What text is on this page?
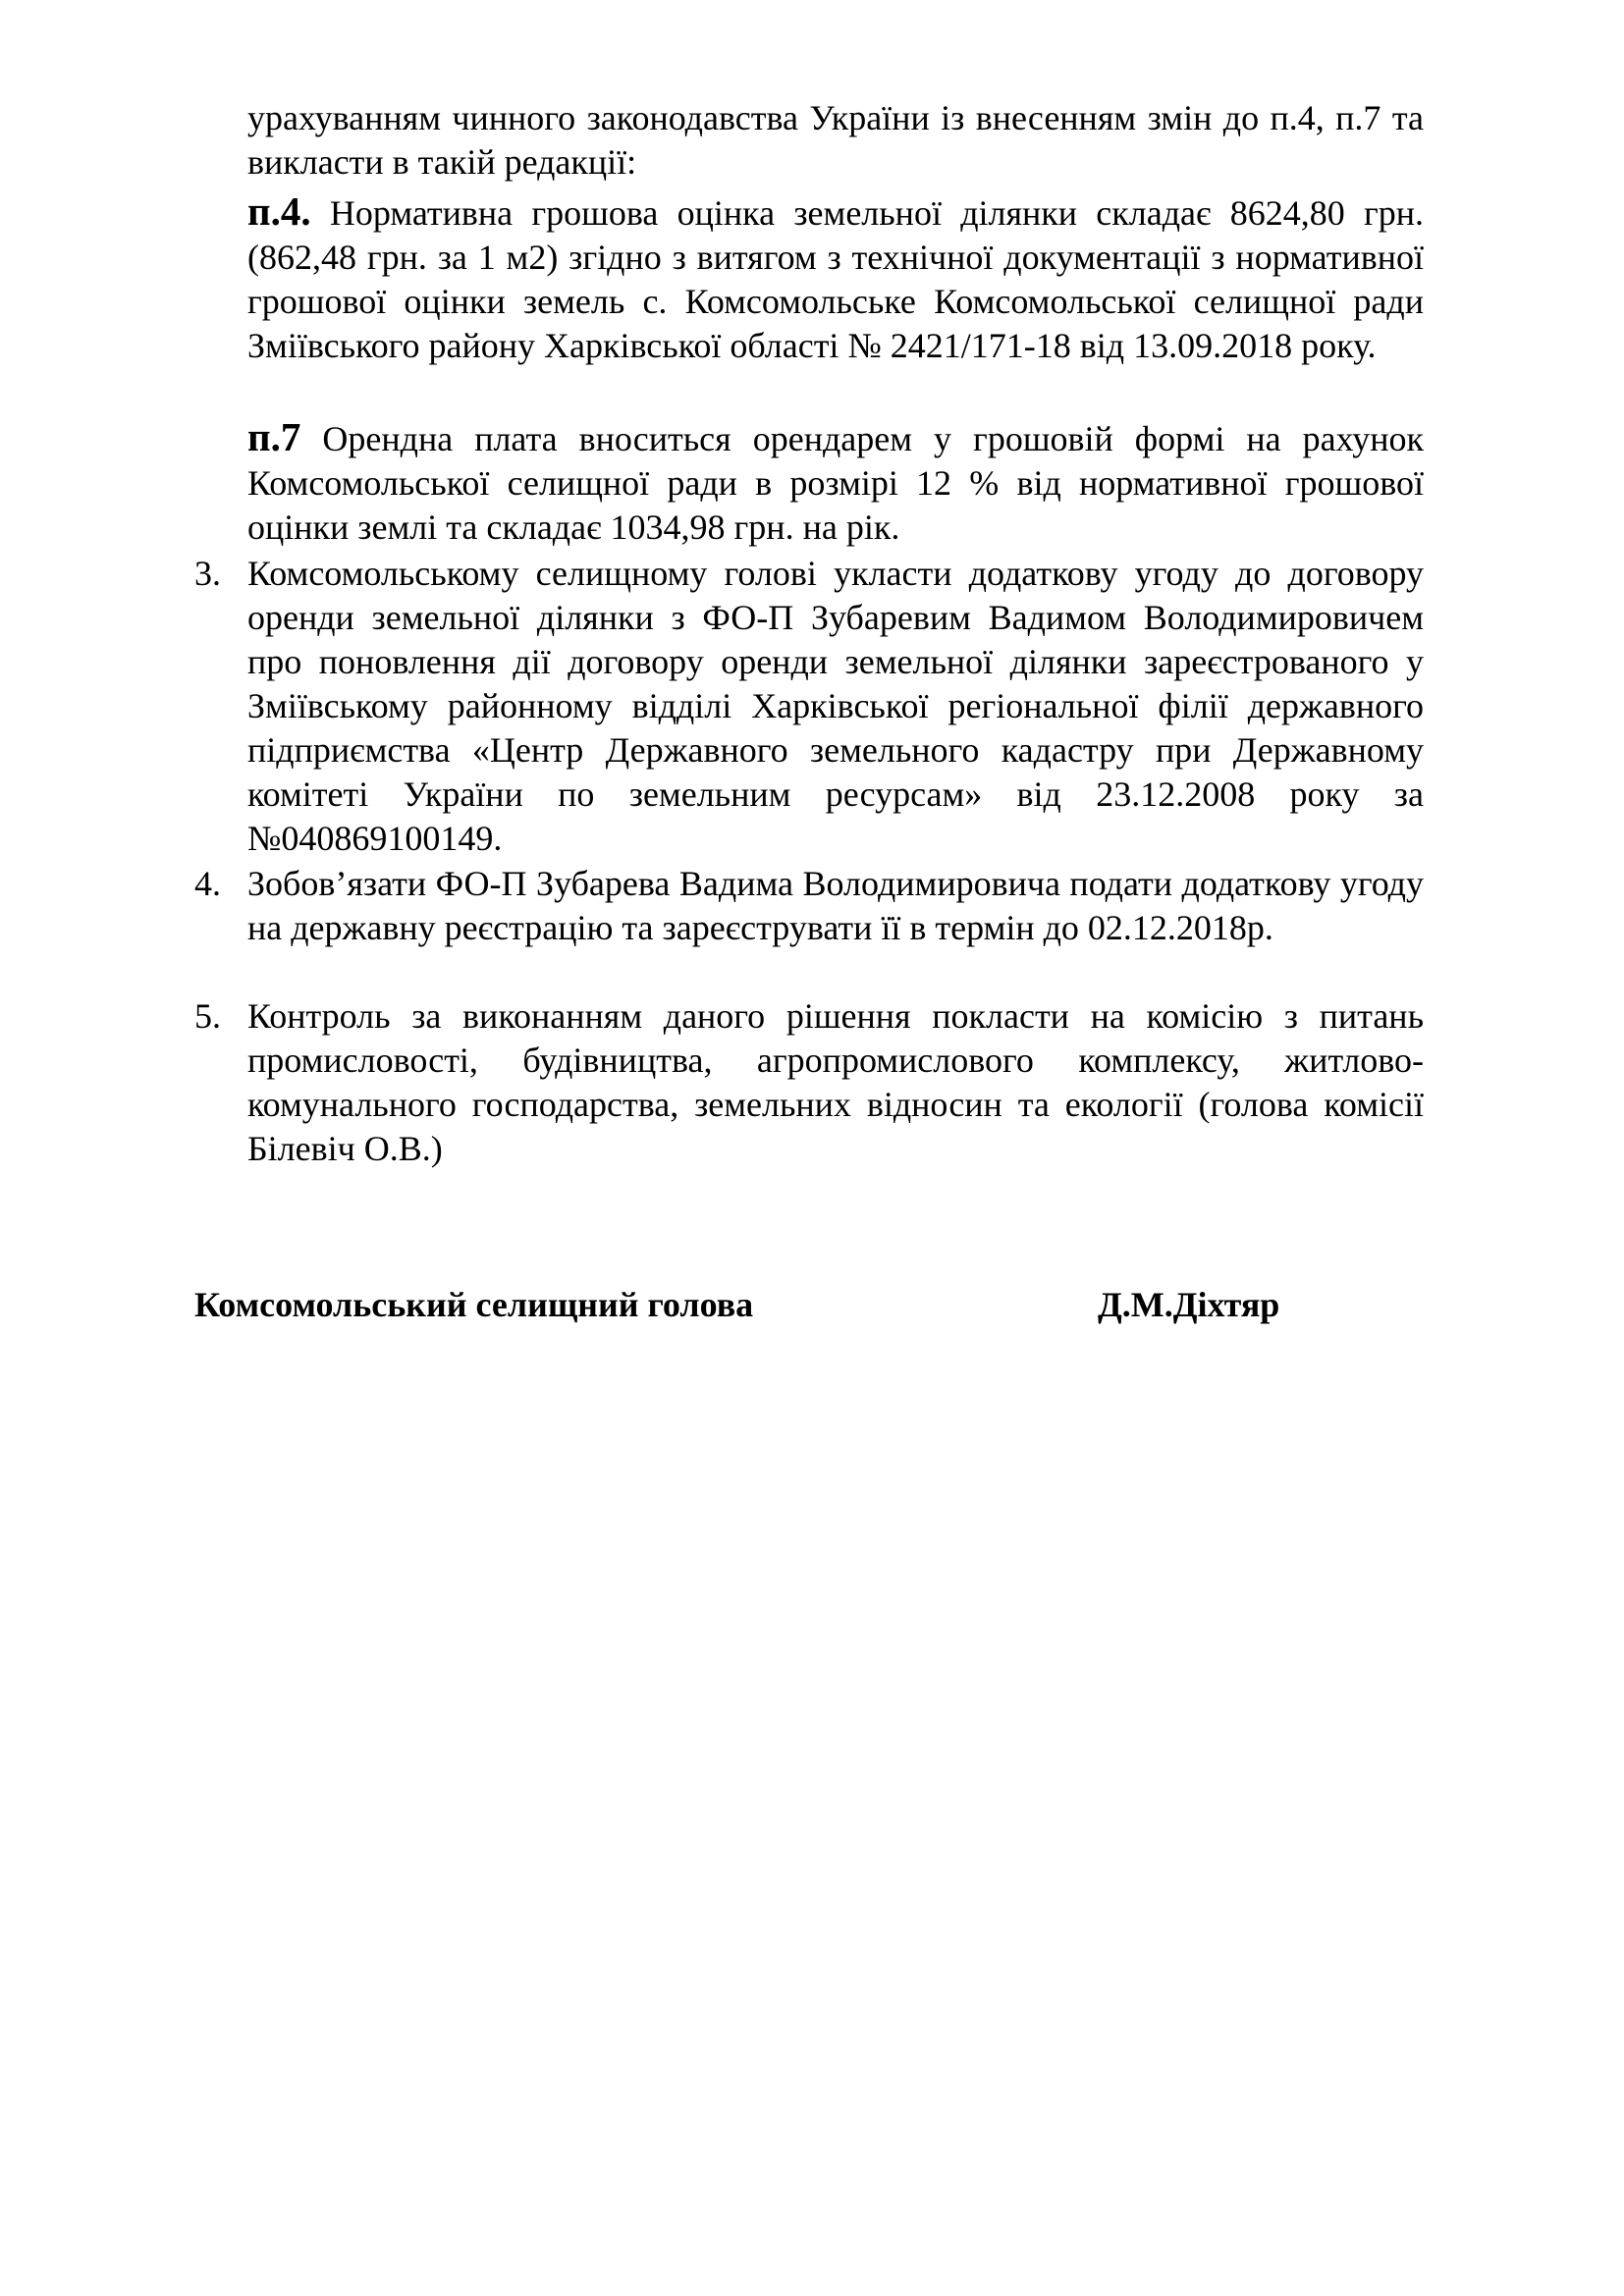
урахуванням чинного законодавства України із внесенням змін до п.4, п.7 та викласти в такій редакції:

п.4. Нормативна грошова оцінка земельної ділянки складає 8624,80 грн. (862,48 грн. за 1 м2) згідно з витягом з технічної документації з нормативної грошової оцінки земель с. Комсомольське Комсомольської селищної ради Зміївського району Харківської області № 2421/171-18 від 13.09.2018 року.

п.7 Орендна плата вноситься орендарем у грошовій формі на рахунок Комсомольської селищної ради в розмірі 12 % від нормативної грошової оцінки землі та складає 1034,98 грн. на рік.

3. Комсомольському селищному голові укласти додаткову угоду до договору оренди земельної ділянки з ФО-П Зубаревим Вадимом Володимировичем про поновлення дії договору оренди земельної ділянки зареєстрованого у Зміївському районному відділі Харківської регіональної філії державного підприємства «Центр Державного земельного кадастру при Державному комітеті України по земельним ресурсам» від 23.12.2008 року за №040869100149.
4. Зобов’язати ФО-П Зубарева Вадима Володимировича подати додаткову угоду на державну реєстрацію та зареєструвати її в термін до 02.12.2018р.
5. Контроль за виконанням даного рішення покласти на комісію з питань промисловості, будівництва, агропромислового комплексу, житлово-комунального господарства, земельних відносин та екології (голова комісії Білевіч О.В.)
Комсомольський селищний голова	Д.М.Діхтяр
